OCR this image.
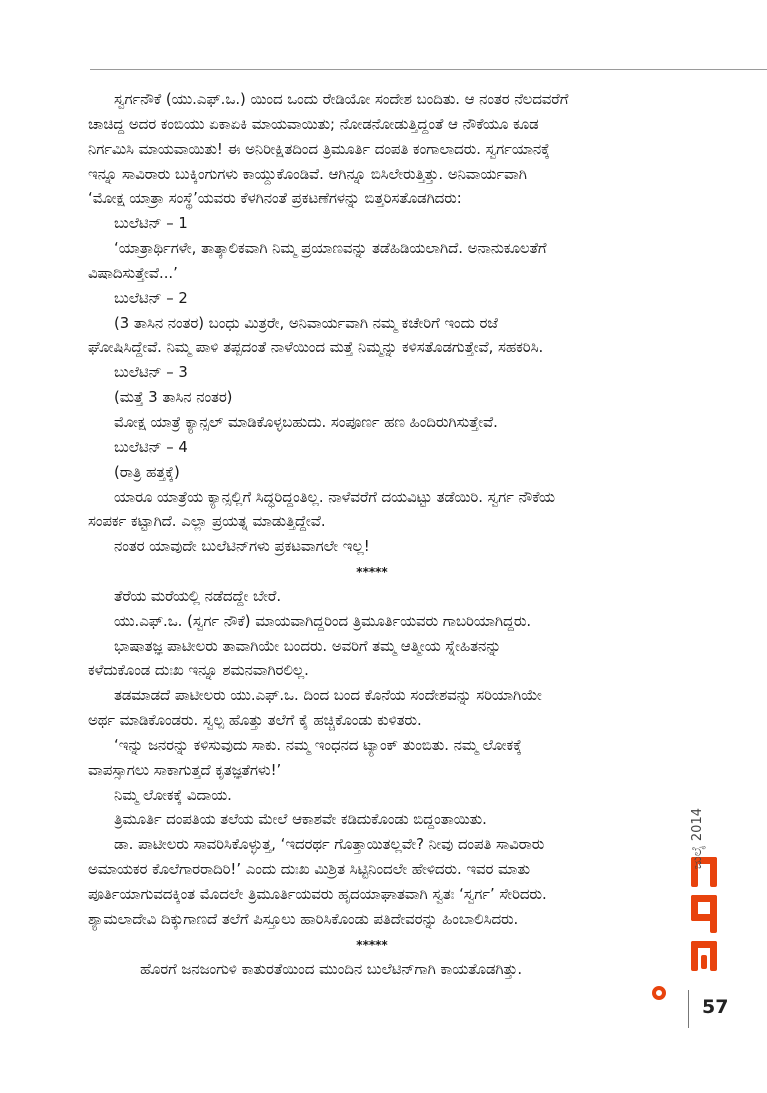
ಸ್ವರ್ಗನೌಕೆ (ಯು.ಎಫ್.ಒ.) ಯಿಂದ ಒಂದು ರೇಡಿಯೋ ಸಂದೇಶ ಬಂದಿತು. ಆ ನಂತರ ನೆಲದವರೆಗೆ
ಚಾಚಿದ್ದ ಅದರ ಕಂಬಿಯು ಏಕಾಏಕಿ ಮಾಯವಾಯಿತು; ನೋಡನೋಡುತ್ತಿದ್ದಂತೆ ಆ ನೌಕೆಯೂ ಕೂಡ
ನಿರ್ಗಮಿಸಿ ಮಾಯವಾಯಿತು! ಈ ಅನಿರೀಕ್ಷಿತದಿಂದ ತ್ರಿಮೂರ್ತಿ ದಂಪತಿ ಕಂಗಾಲಾದರು. ಸ್ವರ್ಗಯಾನಕ್ಕೆ
ಇನ್ನೂ ಸಾವಿರಾರು ಬುಕ್ಕಿಂಗುಗಳು ಕಾಯ್ದುಕೊಂಡಿವೆ. ಆಗಿನ್ನೂ ಬಿಸಿಲೇರುತ್ತಿತ್ತು. ಅನಿವಾರ್ಯವಾಗಿ
‘ಮೋಕ್ಷ ಯಾತ್ರಾ ಸಂಸ್ಥೆ’ಯವರು ಕೆಳಗಿನಂತೆ ಪ್ರಕಟಣೆಗಳನ್ನು ಬಿತ್ತರಿಸತೊಡಗಿದರು:
ಬುಲೆಟಿನ್ – 1
‘ಯಾತ್ರಾರ್ಥಿಗಳೇ, ತಾತ್ಕಾಲಿಕವಾಗಿ ನಿಮ್ಮ ಪ್ರಯಾಣವನ್ನು ತಡೆಹಿಡಿಯಲಾಗಿದೆ. ಅನಾನುಕೂಲತೆಗೆ
ವಿಷಾದಿಸುತ್ತೇವೆ...’
ಬುಲೆಟಿನ್ – 2
(3 ತಾಸಿನ ನಂತರ) ಬಂಧು ಮಿತ್ರರೇ, ಅನಿವಾರ್ಯವಾಗಿ ನಮ್ಮ ಕಚೇರಿಗೆ ಇಂದು ರಜೆ
ಘೋಷಿಸಿದ್ದೇವೆ. ನಿಮ್ಮ ಪಾಳಿ ತಪ್ಪದಂತೆ ನಾಳೆಯಿಂದ ಮತ್ತೆ ನಿಮ್ಮನ್ನು ಕಳಿಸತೊಡಗುತ್ತೇವೆ, ಸಹಕರಿಸಿ.
ಬುಲೆಟಿನ್ – 3
(ಮತ್ತೆ 3 ತಾಸಿನ ನಂತರ)
ಮೋಕ್ಷ ಯಾತ್ರೆ ಕ್ಯಾನ್ಸಲ್ ಮಾಡಿಕೊಳ್ಳಬಹುದು. ಸಂಪೂರ್ಣ ಹಣ ಹಿಂದಿರುಗಿಸುತ್ತೇವೆ.
ಬುಲೆಟಿನ್ – 4
(ರಾತ್ರಿ ಹತ್ತಕ್ಕೆ)
ಯಾರೂ ಯಾತ್ರೆಯ ಕ್ಯಾನ್ಸಲ್ಲಿಗೆ ಸಿದ್ಧರಿದ್ದಂತಿಲ್ಲ. ನಾಳೆವರೆಗೆ ದಯವಿಟ್ಟು ತಡೆಯಿರಿ. ಸ್ವರ್ಗ ನೌಕೆಯ
ಸಂಪರ್ಕ ಕಟ್ಟಾಗಿದೆ. ಎಲ್ಲಾ ಪ್ರಯತ್ನ ಮಾಡುತ್ತಿದ್ದೇವೆ.
ನಂತರ ಯಾವುದೇ ಬುಲೆಟಿನ್‌ಗಳು ಪ್ರಕಟವಾಗಲೇ ಇಲ್ಲ!
*****
ತೆರೆಯ ಮರೆಯಲ್ಲಿ ನಡೆದದ್ದೇ ಬೇರೆ.
ಯು.ಎಫ್.ಒ. (ಸ್ವರ್ಗ ನೌಕೆ) ಮಾಯವಾಗಿದ್ದರಿಂದ ತ್ರಿಮೂರ್ತಿಯವರು ಗಾಬರಿಯಾಗಿದ್ದರು.
ಭಾಷಾತಜ್ಞ ಪಾಟೀಲರು ತಾವಾಗಿಯೇ ಬಂದರು. ಅವರಿಗೆ ತಮ್ಮ ಆತ್ಮೀಯ ಸ್ನೇಹಿತನನ್ನು
ಕಳೆದುಕೊಂಡ ದುಃಖ ಇನ್ನೂ ಶಮನವಾಗಿರಲಿಲ್ಲ.
ತಡಮಾಡದೆ ಪಾಟೀಲರು ಯು.ಎಫ್.ಒ. ದಿಂದ ಬಂದ ಕೊನೆಯ ಸಂದೇಶವನ್ನು ಸರಿಯಾಗಿಯೇ
ಅರ್ಥ ಮಾಡಿಕೊಂಡರು. ಸ್ವಲ್ಪ ಹೊತ್ತು ತಲೆಗೆ ಕೈ ಹಚ್ಚಿಕೊಂಡು ಕುಳಿತರು.
‘ಇನ್ನು ಜನರನ್ನು ಕಳಿಸುವುದು ಸಾಕು. ನಮ್ಮ ಇಂಧನದ ಟ್ಯಾಂಕ್ ತುಂಬಿತು. ನಮ್ಮ ಲೋಕಕ್ಕೆ
ವಾಪಸ್ಸಾಗಲು ಸಾಕಾಗುತ್ತದೆ ಕೃತಜ್ಞತೆಗಳು!’
ನಿಮ್ಮ ಲೋಕಕ್ಕೆ ವಿದಾಯ.
ತ್ರಿಮೂರ್ತಿ ದಂಪತಿಯ ತಲೆಯ ಮೇಲೆ ಆಕಾಶವೇ ಕಡಿದುಕೊಂಡು ಬಿದ್ದಂತಾಯಿತು.
ಡಾ. ಪಾಟೀಲರು ಸಾವರಿಸಿಕೊಳ್ಳುತ್ತ, ‘ಇದರರ್ಥ ಗೊತ್ತಾಯಿತಲ್ಲವೇ? ನೀವು ದಂಪತಿ ಸಾವಿರಾರು
ಅಮಾಯಕರ ಕೊಲೆಗಾರರಾದಿರಿ!’ ಎಂದು ದುಃಖ ಮಿಶ್ರಿತ ಸಿಟ್ಟಿನಿಂದಲೇ ಹೇಳಿದರು. ಇವರ ಮಾತು
ಪೂರ್ತಿಯಾಗುವದಕ್ಕಿಂತ ಮೊದಲೇ ತ್ರಿಮೂರ್ತಿಯವರು ಹೃದಯಾಘಾತವಾಗಿ ಸ್ವತಃ ‘ಸ್ವರ್ಗ’ ಸೇರಿದರು.
ಶ್ಯಾಮಲಾದೇವಿ ದಿಕ್ಕುಗಾಣದೆ ತಲೆಗೆ ಪಿಸ್ತೂಲು ಹಾರಿಸಿಕೊಂಡು ಪತಿದೇವರನ್ನು ಹಿಂಬಾಲಿಸಿದರು.
*****
ಹೊರಗೆ ಜನಜಂಗುಳಿ ಕಾತುರತೆಯಿಂದ ಮುಂದಿನ ಬುಲೆಟಿನ್‌ಗಾಗಿ ಕಾಯತೊಡಗಿತ್ತು.
ಜುಲೈ 2014
57
